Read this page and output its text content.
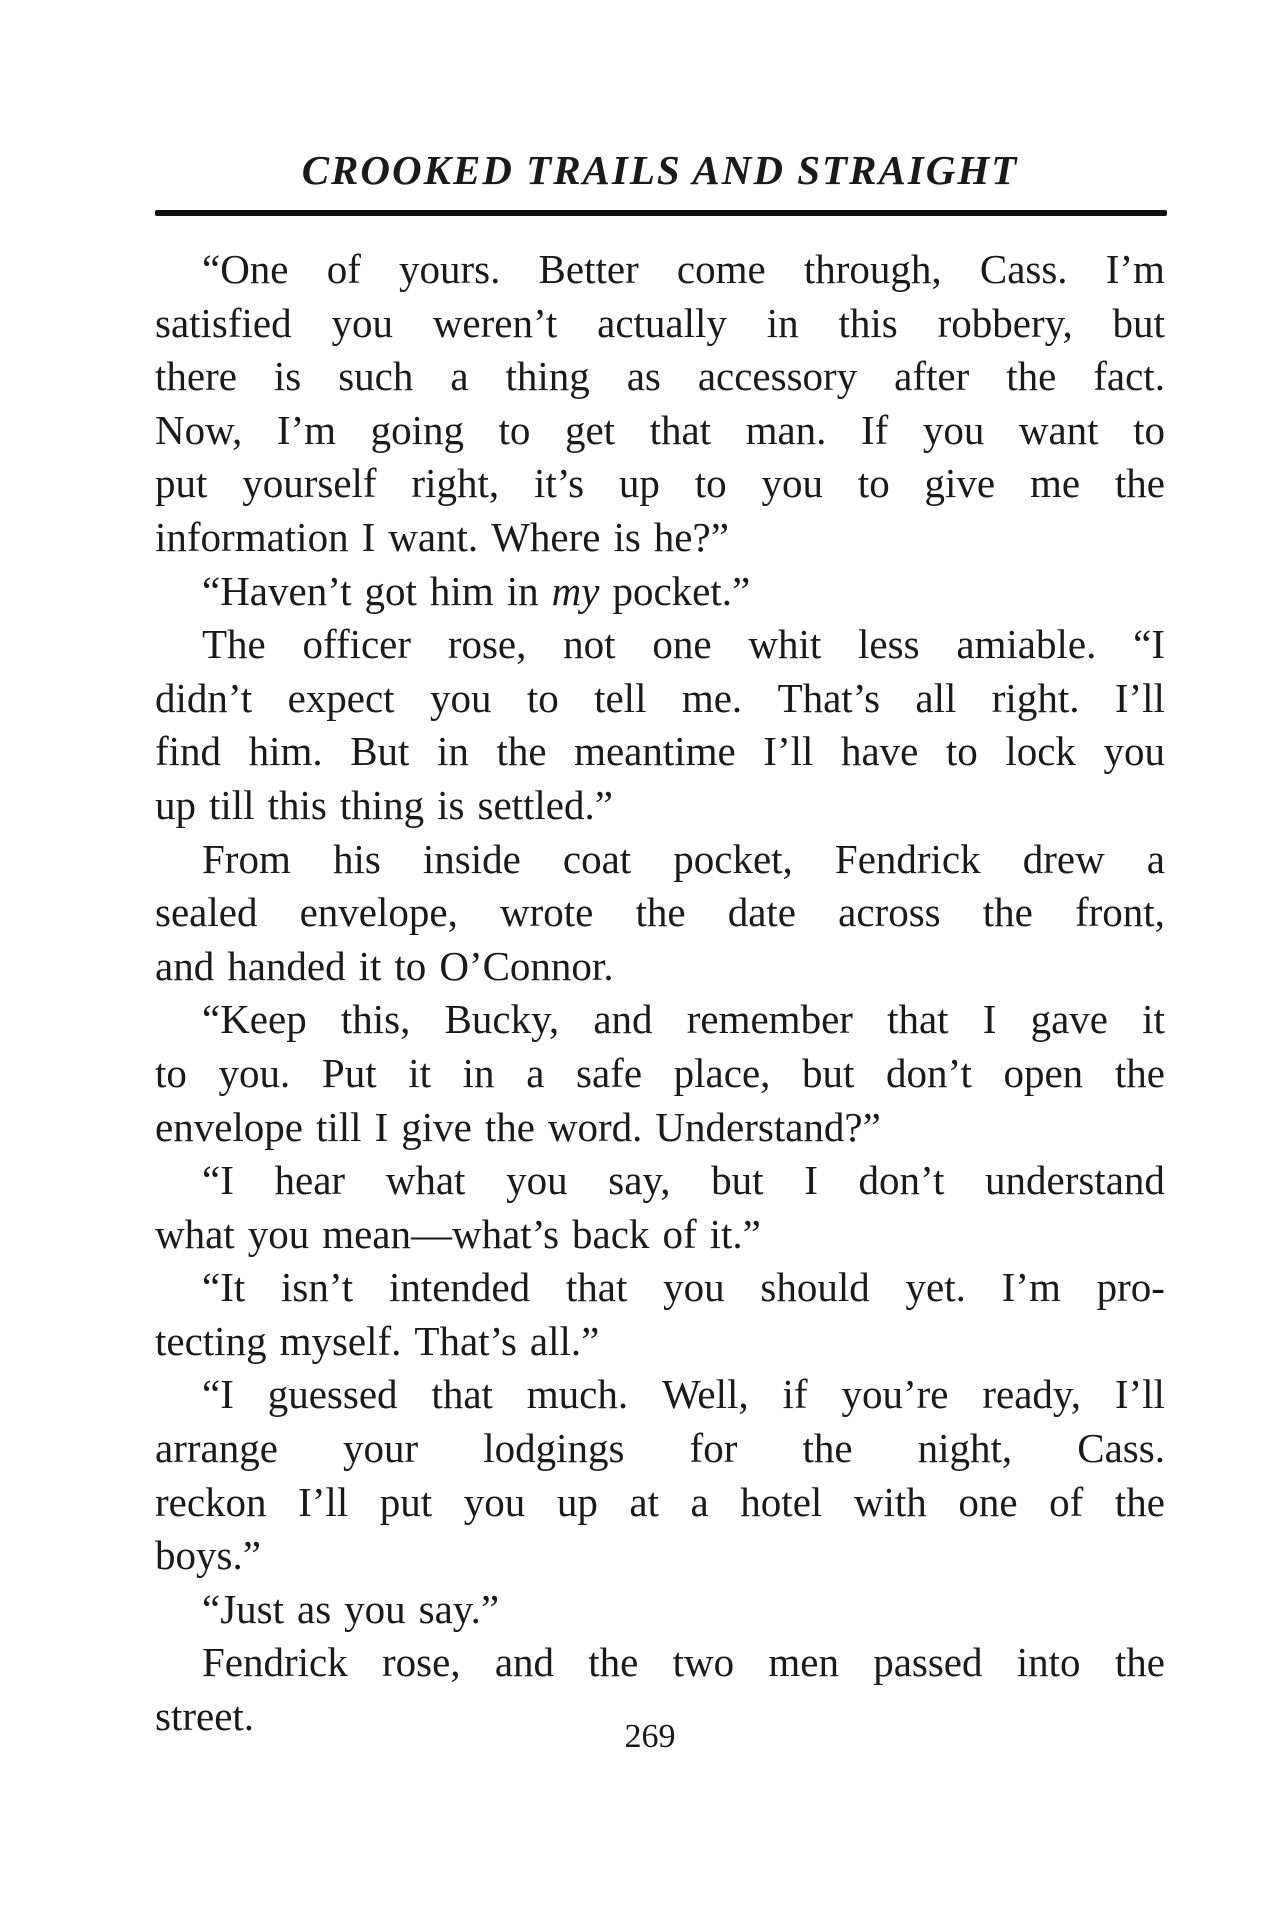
CROOKED TRAILS AND STRAIGHT
“One of yours. Better come through, Cass. I’m
satisfied you weren’t actually in this robbery, but
there is such a thing as accessory after the fact.
Now, I’m going to get that man. If you want to
put yourself right, it’s up to you to give me the
information I want. Where is he?”
“Haven’t got him in my pocket.”
The officer rose, not one whit less amiable. “I
didn’t expect you to tell me. That’s all right. I’ll
find him. But in the meantime I’ll have to lock you
up till this thing is settled.”
From his inside coat pocket, Fendrick drew a
sealed envelope, wrote the date across the front,
and handed it to O’Connor.
“Keep this, Bucky, and remember that I gave it
to you. Put it in a safe place, but don’t open the
envelope till I give the word. Understand?”
“I hear what you say, but I don’t understand
what you mean—what’s back of it.”
“It isn’t intended that you should yet. I’m pro-
tecting myself. That’s all.”
“I guessed that much. Well, if you’re ready, I’ll
arrange your lodgings for the night, Cass.
reckon I’ll put you up at a hotel with one of the
boys.”
“Just as you say.”
Fendrick rose, and the two men passed into the
street.	269
